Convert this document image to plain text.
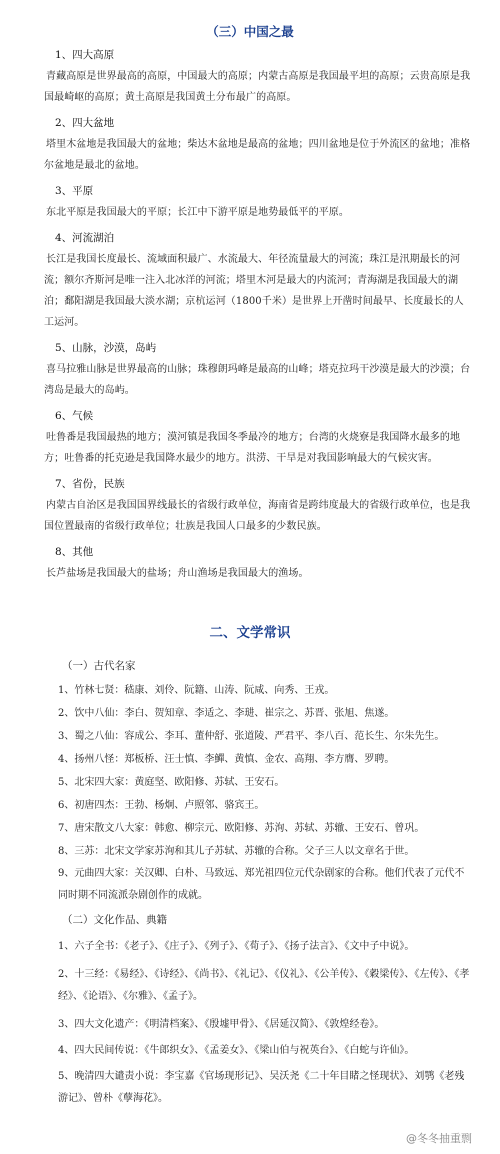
（三）中国之最
1、四大高原
青藏高原是世界最高的高原，中国最大的高原；内蒙古高原是我国最平坦的高原；云贵高原是我国最崎岖的高原；黄土高原是我国黄土分布最广的高原。
2、四大盆地
塔里木盆地是我国最大的盆地；柴达木盆地是最高的盆地；四川盆地是位于外流区的盆地；准格尔盆地是最北的盆地。
3、平原
东北平原是我国最大的平原；长江中下游平原是地势最低平的平原。
4、河流湖泊
长江是我国长度最长、流域面积最广、水流最大、年径流量最大的河流；珠江是汛期最长的河流；额尔齐斯河是唯一注入北冰洋的河流；塔里木河是最大的内流河；青海湖是我国最大的湖泊；鄱阳湖是我国最大淡水湖；京杭运河（1800千米）是世界上开凿时间最早、长度最长的人工运河。
5、山脉，沙漠，岛屿
喜马拉雅山脉是世界最高的山脉；珠穆朗玛峰是最高的山峰；塔克拉玛干沙漠是最大的沙漠；台湾岛是最大的岛屿。
6、气候
吐鲁番是我国最热的地方；漠河镇是我国冬季最冷的地方；台湾的火烧寮是我国降水最多的地方；吐鲁番的托克逊是我国降水最少的地方。洪涝、干旱是对我国影响最大的气候灾害。
7、省份，民族
内蒙古自治区是我国国界线最长的省级行政单位，海南省是跨纬度最大的省级行政单位，也是我国位置最南的省级行政单位；壮族是我国人口最多的少数民族。
8、其他
长芦盐场是我国最大的盐场；舟山渔场是我国最大的渔场。
二、文学常识
（一）古代名家
1、竹林七贤：嵇康、刘伶、阮籍、山涛、阮咸、向秀、王戎。
2、饮中八仙：李白、贺知章、李适之、李琎、崔宗之、苏晋、张旭、焦遂。
3、蜀之八仙：容成公、李耳、董仲舒、张道陵、严君平、李八百、范长生、尔朱先生。
4、扬州八怪：郑板桥、汪士慎、李鱓、黄慎、金农、高翔、李方膺、罗聘。
5、北宋四大家：黄庭坚、欧阳修、苏轼、王安石。
6、初唐四杰：王勃、杨炯、卢照邻、骆宾王。
7、唐宋散文八大家：韩愈、柳宗元、欧阳修、苏洵、苏轼、苏辙、王安石、曾巩。
8、三苏：北宋文学家苏洵和其儿子苏轼、苏辙的合称。父子三人以文章名于世。
9、元曲四大家：关汉卿、白朴、马致远、郑光祖四位元代杂剧家的合称。他们代表了元代不同时期不同流派杂剧创作的成就。
（二）文化作品、典籍
1、六子全书：《老子》、《庄子》、《列子》、《荀子》、《扬子法言》、《文中子中说》。
2、十三经：《易经》、《诗经》、《尚书》、《礼记》、《仪礼》、《公羊传》、《穀梁传》、《左传》、《孝经》、《论语》、《尔雅》、《孟子》。
3、四大文化遗产：《明清档案》、《殷墟甲骨》、《居延汉简》、《敦煌经卷》。
4、四大民间传说：《牛郎织女》、《孟姜女》、《梁山伯与祝英台》、《白蛇与许仙》。
5、晚清四大谴责小说：李宝嘉《官场现形记》、吴沃尧《二十年目睹之怪现状》、刘鹗《老残游记》、曾朴《孽海花》。
@冬冬抽重剽
